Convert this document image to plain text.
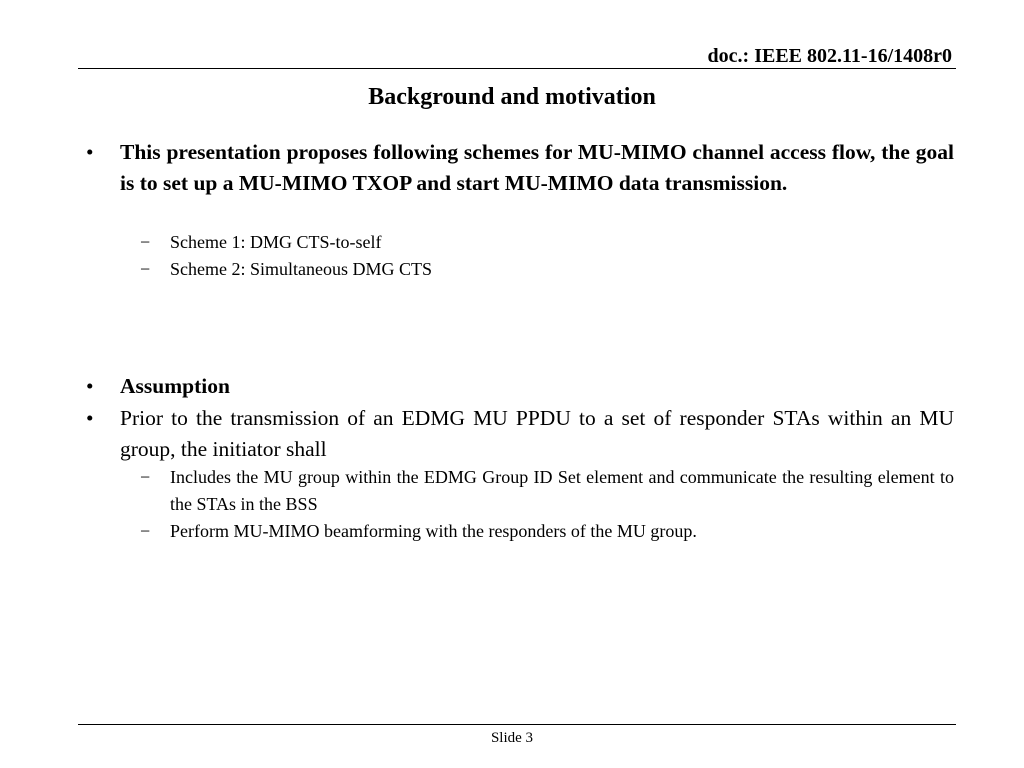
doc.: IEEE 802.11-16/1408r0
Background and motivation
•	This presentation proposes following schemes for MU-MIMO channel access flow, the goal is to set up a MU-MIMO TXOP and start MU-MIMO data transmission.
−	Scheme 1: DMG CTS-to-self
−	Scheme 2: Simultaneous DMG CTS
•	Assumption
•	Prior to the transmission of an EDMG MU PPDU to a set of responder STAs within an MU group, the initiator shall
−	Includes the MU group within the EDMG Group ID Set element and communicate the resulting element to the STAs in the BSS
−	Perform MU-MIMO beamforming with the responders of the MU group.
Slide 3
